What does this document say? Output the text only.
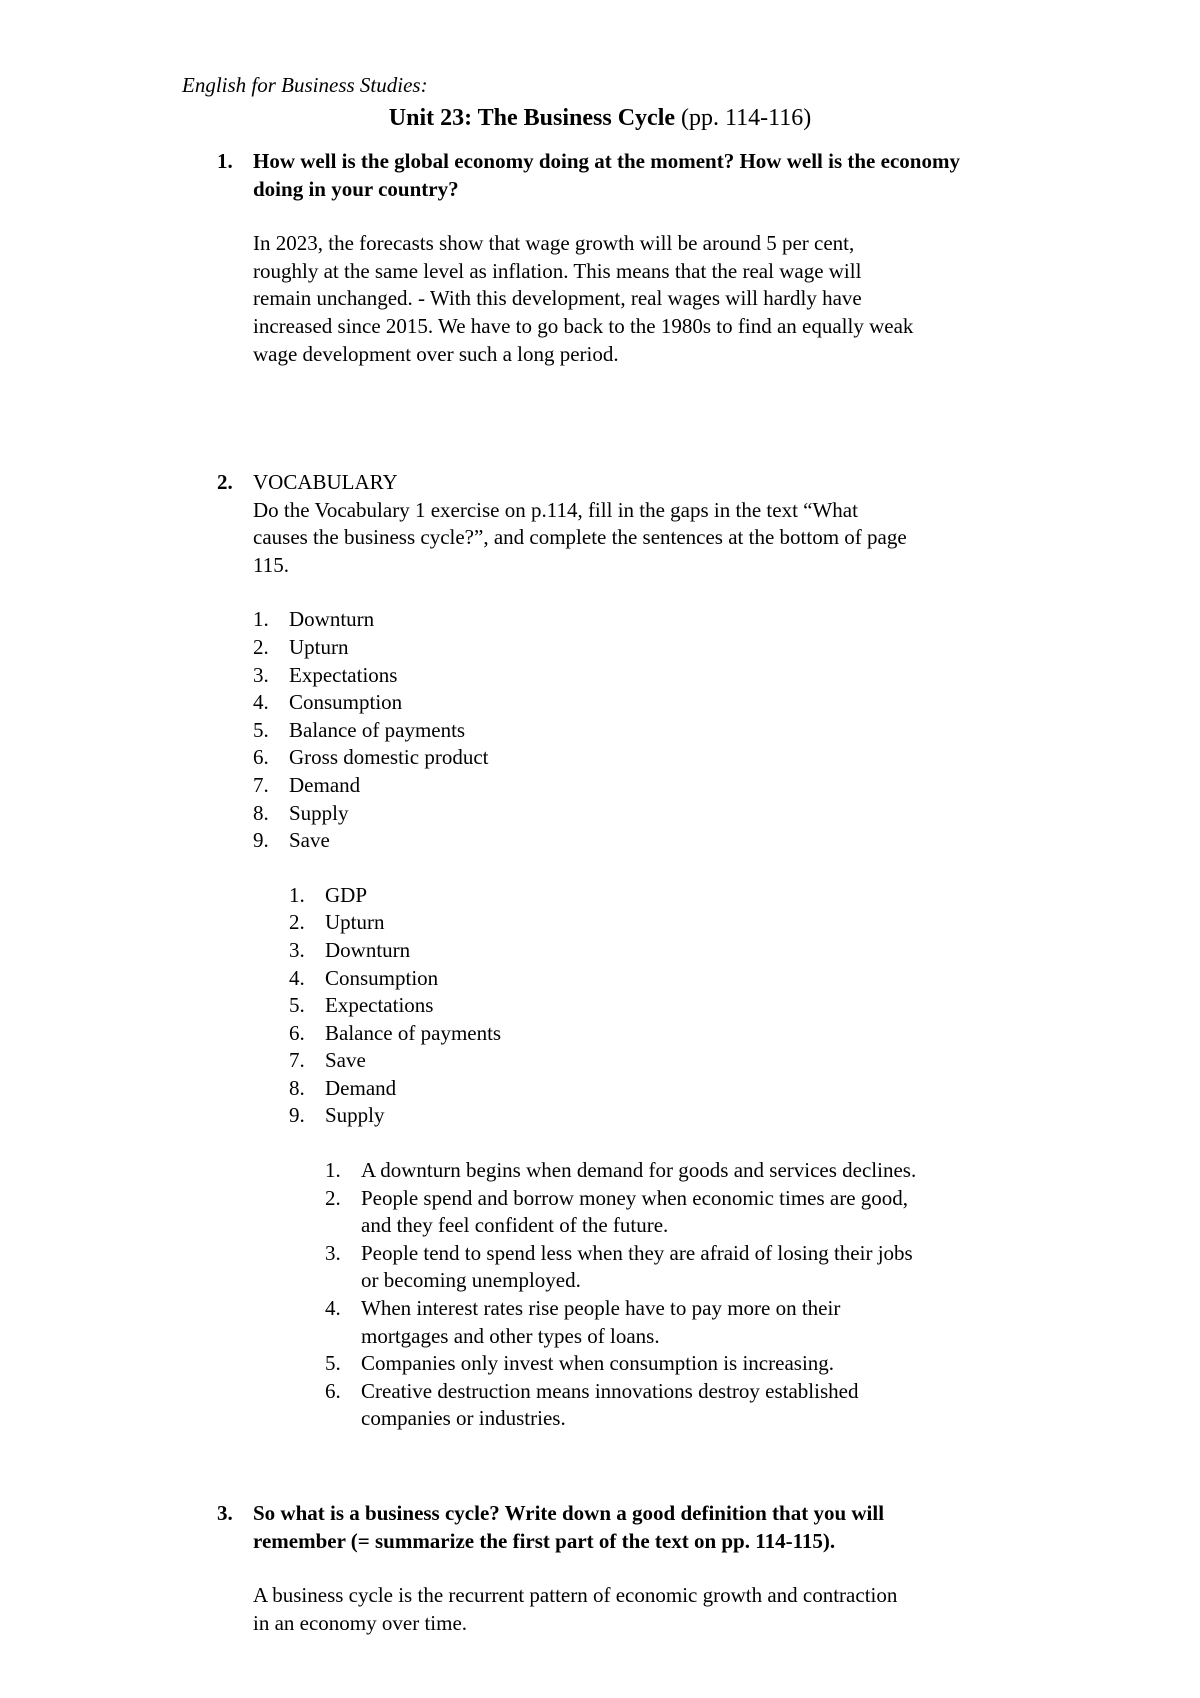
English for Business Studies:
Unit 23: The Business Cycle (pp. 114-116)
1. How well is the global economy doing at the moment? How well is the economy doing in your country?

In 2023, the forecasts show that wage growth will be around 5 per cent,
roughly at the same level as inflation. This means that the real wage will
remain unchanged. - With this development, real wages will hardly have
increased since 2015. We have to go back to the 1980s to find an equally weak
wage development over such a long period.

2. VOCABULARY

Do the Vocabulary 1 exercise on p.114, fill in the gaps in the text “What
causes the business cycle?”, and complete the sentences at the bottom of page
115.

1. Downturn
2. Upturn
3. Expectations
4. Consumption
5. Balance of payments
6. Gross domestic product
7. Demand
8. Supply
9. Save
1. GDP
2. Upturn
3. Downturn
4. Consumption
5. Expectations
6. Balance of payments
7. Save
8. Demand
9. Supply
1. A downturn begins when demand for goods and services declines.
2. People spend and borrow money when economic times are good,
and they feel confident of the future.
3. People tend to spend less when they are afraid of losing their jobs
or becoming unemployed.
4. When interest rates rise people have to pay more on their
mortgages and other types of loans.
5. Companies only invest when consumption is increasing.
6. Creative destruction means innovations destroy established
companies or industries.
3. So what is a business cycle? Write down a good definition that you will
remember (= summarize the first part of the text on pp. 114-115).

A business cycle is the recurrent pattern of economic growth and contraction
in an economy over time.
